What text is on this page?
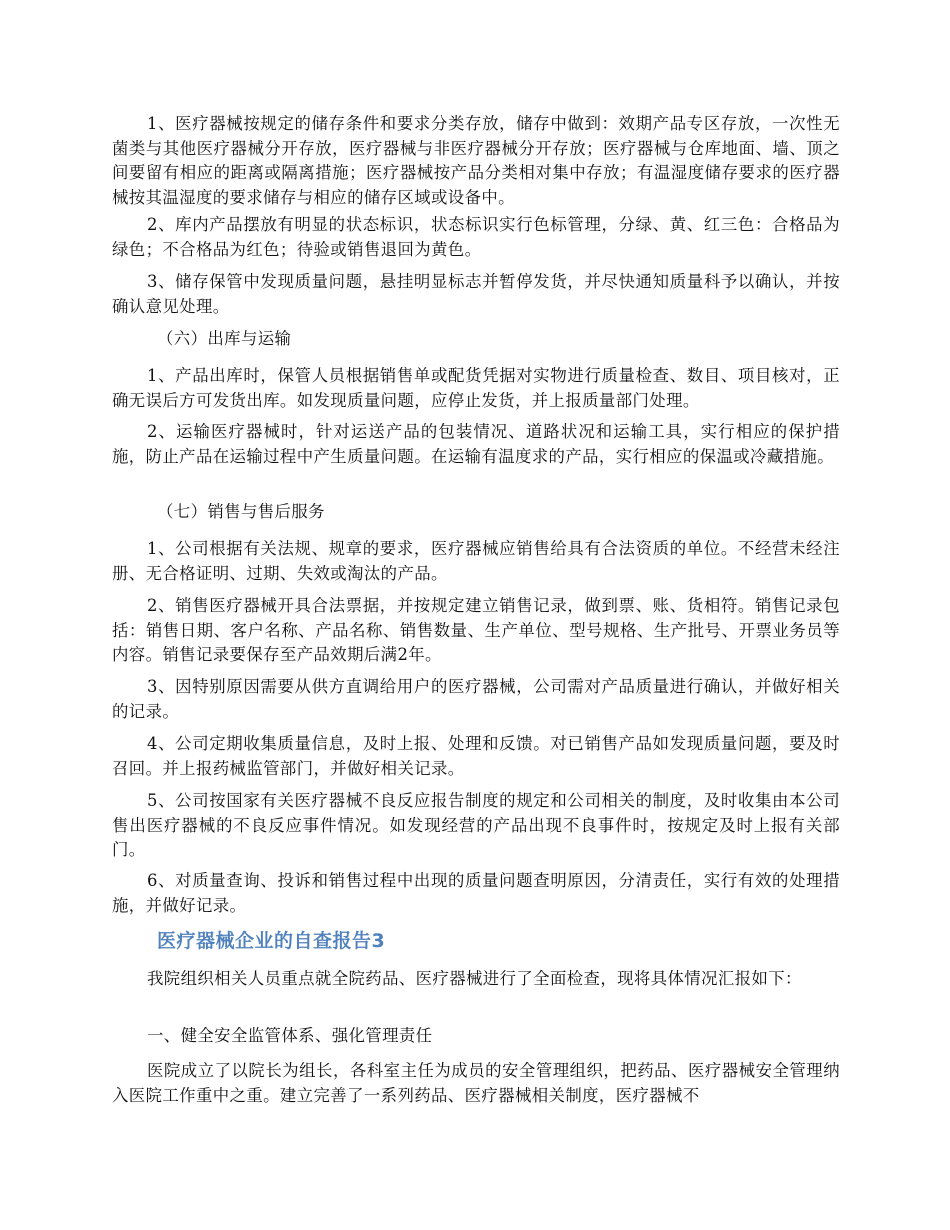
1、医疗器械按规定的储存条件和要求分类存放，储存中做到：效期产品专区存放，一次性无菌类与其他医疗器械分开存放，医疗器械与非医疗器械分开存放；医疗器械与仓库地面、墙、顶之间要留有相应的距离或隔离措施；医疗器械按产品分类相对集中存放；有温湿度储存要求的医疗器械按其温湿度的要求储存与相应的储存区域或设备中。

2、库内产品摆放有明显的状态标识，状态标识实行色标管理，分绿、黄、红三色：合格品为绿色；不合格品为红色；待验或销售退回为黄色。

3、储存保管中发现质量问题，悬挂明显标志并暂停发货，并尽快通知质量科予以确认，并按确认意见处理。

（六）出库与运输

1、产品出库时，保管人员根据销售单或配货凭据对实物进行质量检查、数目、项目核对，正确无误后方可发货出库。如发现质量问题，应停止发货，并上报质量部门处理。

2、运输医疗器械时，针对运送产品的包装情况、道路状况和运输工具，实行相应的保护措施，防止产品在运输过程中产生质量问题。在运输有温度求的产品，实行相应的保温或冷藏措施。

（七）销售与售后服务

1、公司根据有关法规、规章的要求，医疗器械应销售给具有合法资质的单位。不经营未经注册、无合格证明、过期、失效或淘汰的产品。

2、销售医疗器械开具合法票据，并按规定建立销售记录，做到票、账、货相符。销售记录包括：销售日期、客户名称、产品名称、销售数量、生产单位、型号规格、生产批号、开票业务员等内容。销售记录要保存至产品效期后满2年。

3、因特别原因需要从供方直调给用户的医疗器械，公司需对产品质量进行确认，并做好相关的记录。

4、公司定期收集质量信息，及时上报、处理和反馈。对已销售产品如发现质量问题，要及时召回。并上报药械监管部门，并做好相关记录。

5、公司按国家有关医疗器械不良反应报告制度的规定和公司相关的制度，及时收集由本公司售出医疗器械的不良反应事件情况。如发现经营的产品出现不良事件时，按规定及时上报有关部门。

6、对质量查询、投诉和销售过程中出现的质量问题查明原因，分清责任，实行有效的处理措施，并做好记录。

医疗器械企业的自查报告3

我院组织相关人员重点就全院药品、医疗器械进行了全面检查，现将具体情况汇报如下：

一、健全安全监管体系、强化管理责任

医院成立了以院长为组长，各科室主任为成员的安全管理组织，把药品、医疗器械安全管理纳入医院工作重中之重。建立完善了一系列药品、医疗器械相关制度，医疗器械不
